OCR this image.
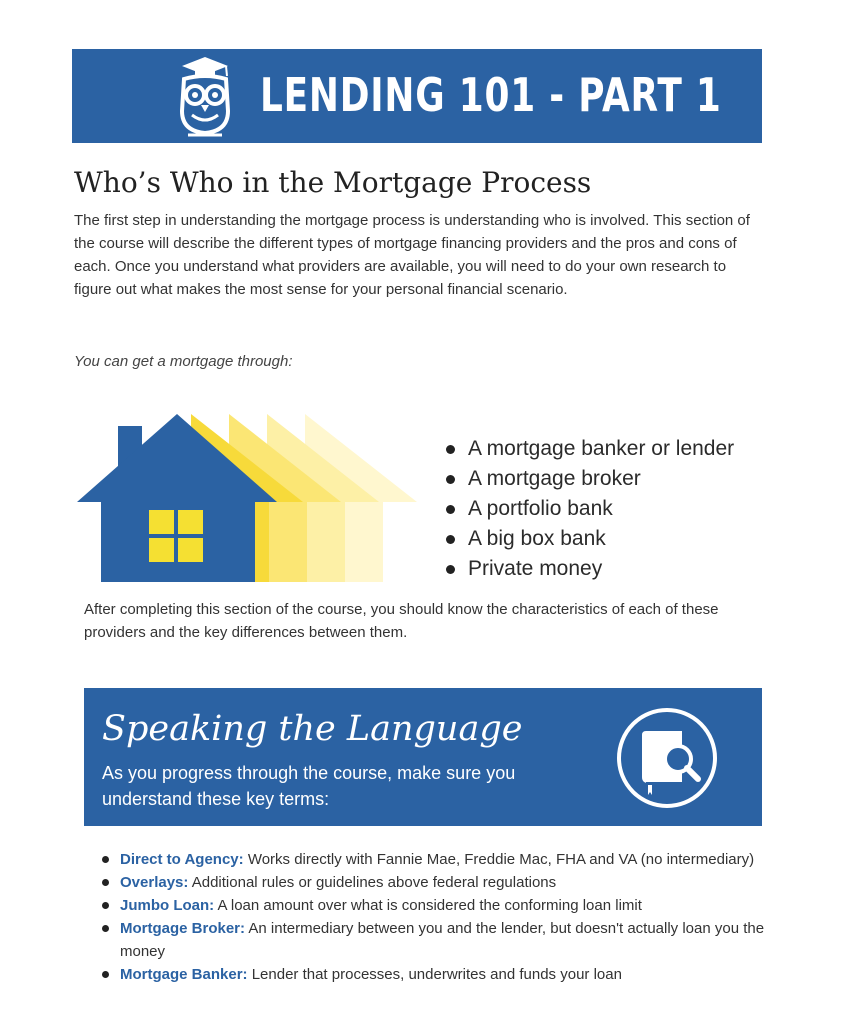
LENDING 101 - PART 1
Who’s Who in the Mortgage Process

The first step in understanding the mortgage process is understanding who is involved. This section of the course will describe the different types of mortgage financing providers and the pros and cons of each. Once you understand what providers are available, you will need to do your own research to figure out what makes the most sense for your personal financial scenario.

You can get a mortgage through:

A mortgage banker or lender
A mortgage broker
A portfolio bank
A big box bank
Private money

After completing this section of the course, you should know the characteristics of each of these providers and the key differences between them.

Speaking the Language

As you progress through the course, make sure you understand these key terms:

Direct to Agency: Works directly with Fannie Mae, Freddie Mac, FHA and VA (no intermediary)
Overlays: Additional rules or guidelines above federal regulations
Jumbo Loan: A loan amount over what is considered the conforming loan limit
Mortgage Broker: An intermediary between you and the lender, but doesn't actually loan you the money
Mortgage Banker: Lender that processes, underwrites and funds your loan
